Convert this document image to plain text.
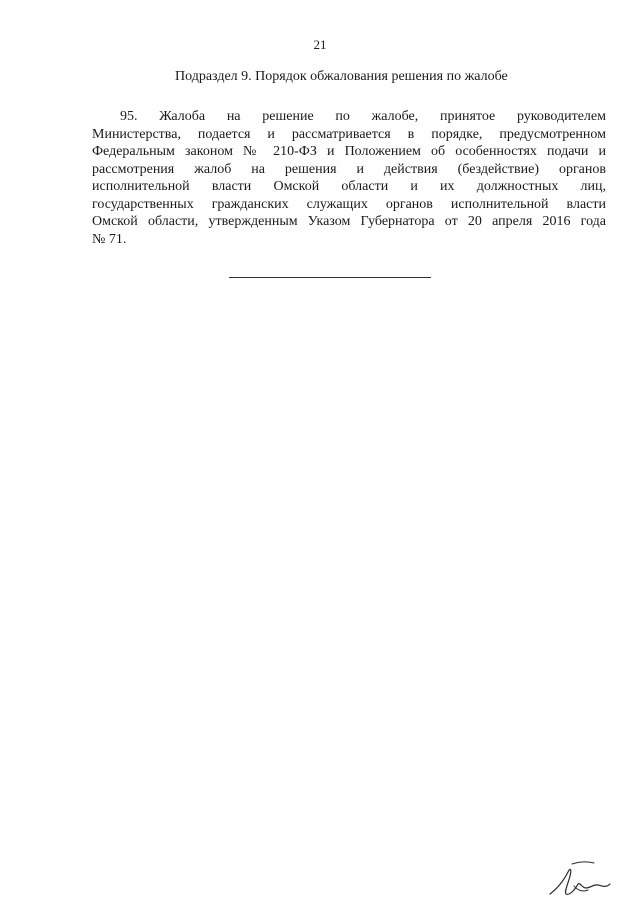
21
Подраздел 9. Порядок обжалования решения по жалобе
95. Жалоба на решение по жалобе, принятое руководителем
Министерства, подается и рассматривается в порядке, предусмотренном
Федеральным законом № 210-ФЗ и Положением об особенностях подачи и
рассмотрения жалоб на решения и действия (бездействие) органов
исполнительной власти Омской области и их должностных лиц,
государственных гражданских служащих органов исполнительной власти
Омской области, утвержденным Указом Губернатора от 20 апреля 2016 года
№ 71.
